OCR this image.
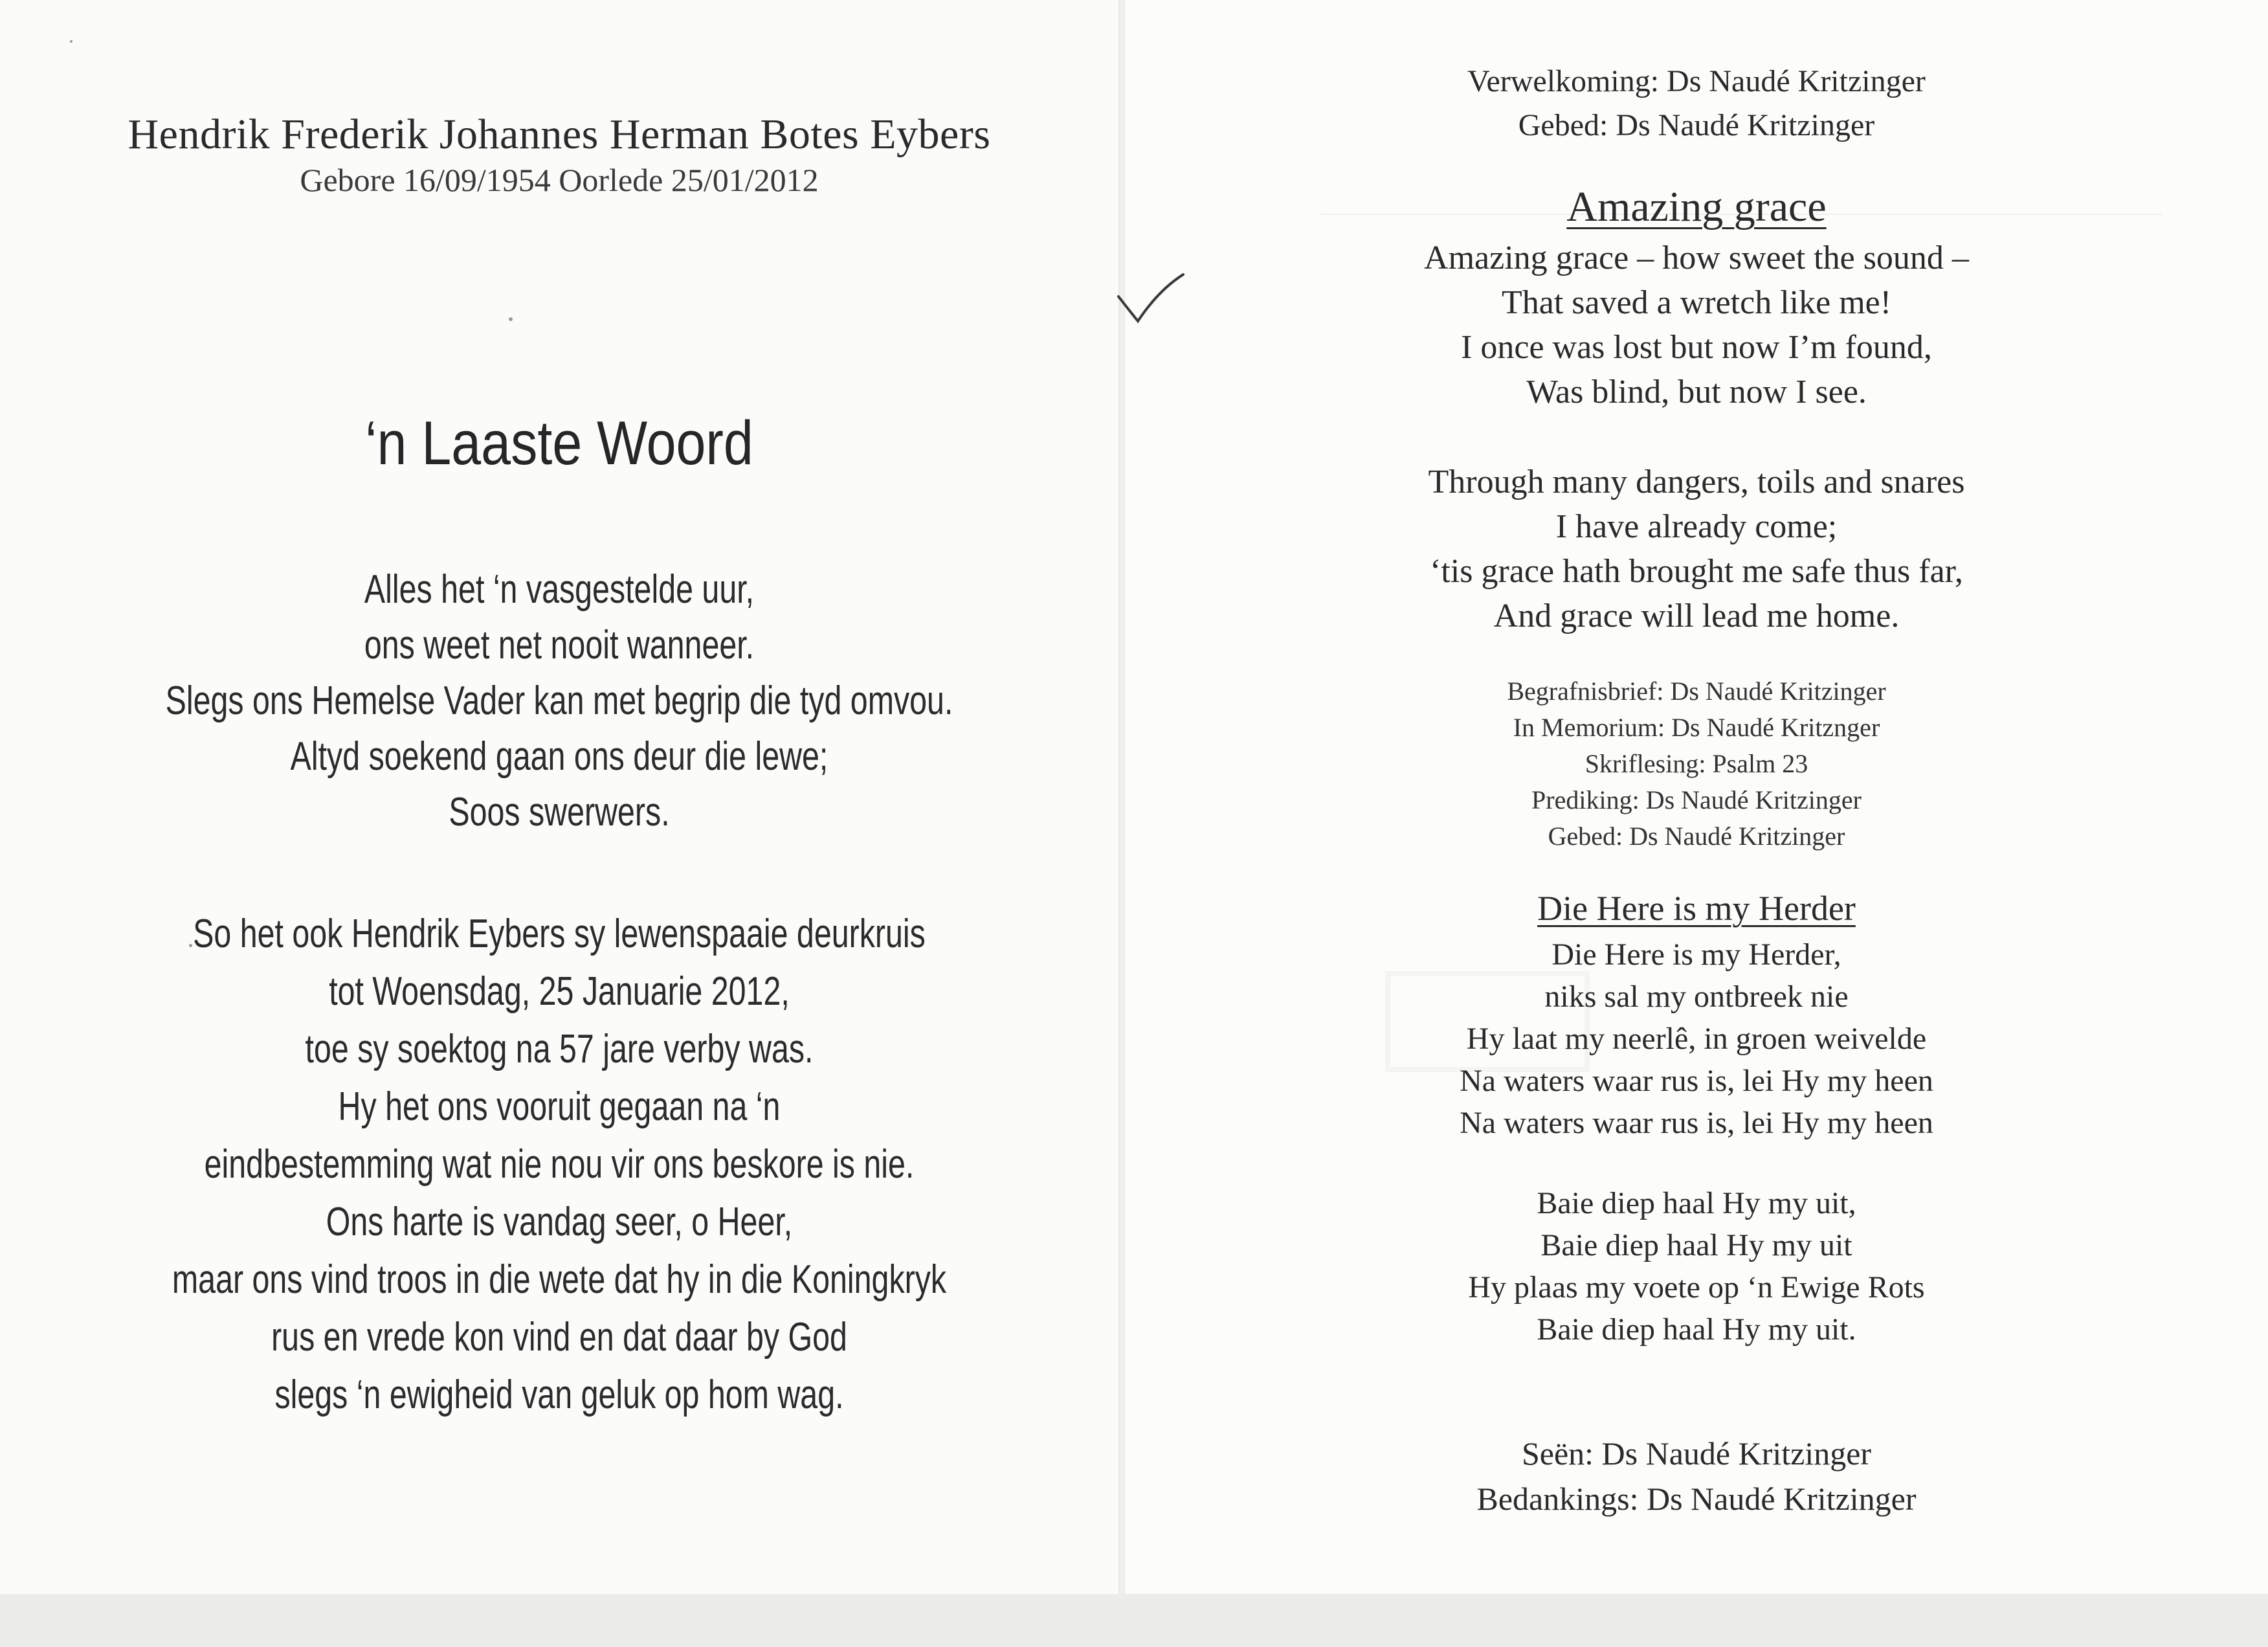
Hendrik Frederik Johannes Herman Botes Eybers
Gebore 16/09/1954 Oorlede 25/01/2012
‘n Laaste Woord
Alles het ‘n vasgestelde uur,
ons weet net nooit wanneer.
Slegs ons Hemelse Vader kan met begrip die tyd omvou.
Altyd soekend gaan ons deur die lewe;
Soos swerwers.
So het ook Hendrik Eybers sy lewenspaaie deurkruis
tot Woensdag, 25 Januarie 2012,
toe sy soektog na 57 jare verby was.
Hy het ons vooruit gegaan na ‘n
eindbestemming wat nie nou vir ons beskore is nie.
Ons harte is vandag seer, o Heer,
maar ons vind troos in die wete dat hy in die Koningkryk
rus en vrede kon vind en dat daar by God
slegs ‘n ewigheid van geluk op hom wag.
Verwelkoming: Ds Naudé Kritzinger
Gebed: Ds Naudé Kritzinger
Amazing grace
Amazing grace – how sweet the sound –
That saved a wretch like me!
I once was lost but now I’m found,
Was blind, but now I see.
Through many dangers, toils and snares
I have already come;
‘tis grace hath brought me safe thus far,
And grace will lead me home.
Begrafnisbrief: Ds Naudé Kritzinger
In Memorium: Ds Naudé Kritznger
Skriflesing: Psalm 23
Prediking: Ds Naudé Kritzinger
Gebed: Ds Naudé Kritzinger
Die Here is my Herder
Die Here is my Herder,
niks sal my ontbreek nie
Hy laat my neerlê, in groen weivelde
Na waters waar rus is, lei Hy my heen
Na waters waar rus is, lei Hy my heen
Baie diep haal Hy my uit,
Baie diep haal Hy my uit
Hy plaas my voete op ‘n Ewige Rots
Baie diep haal Hy my uit.
Seën: Ds Naudé Kritzinger
Bedankings: Ds Naudé Kritzinger
